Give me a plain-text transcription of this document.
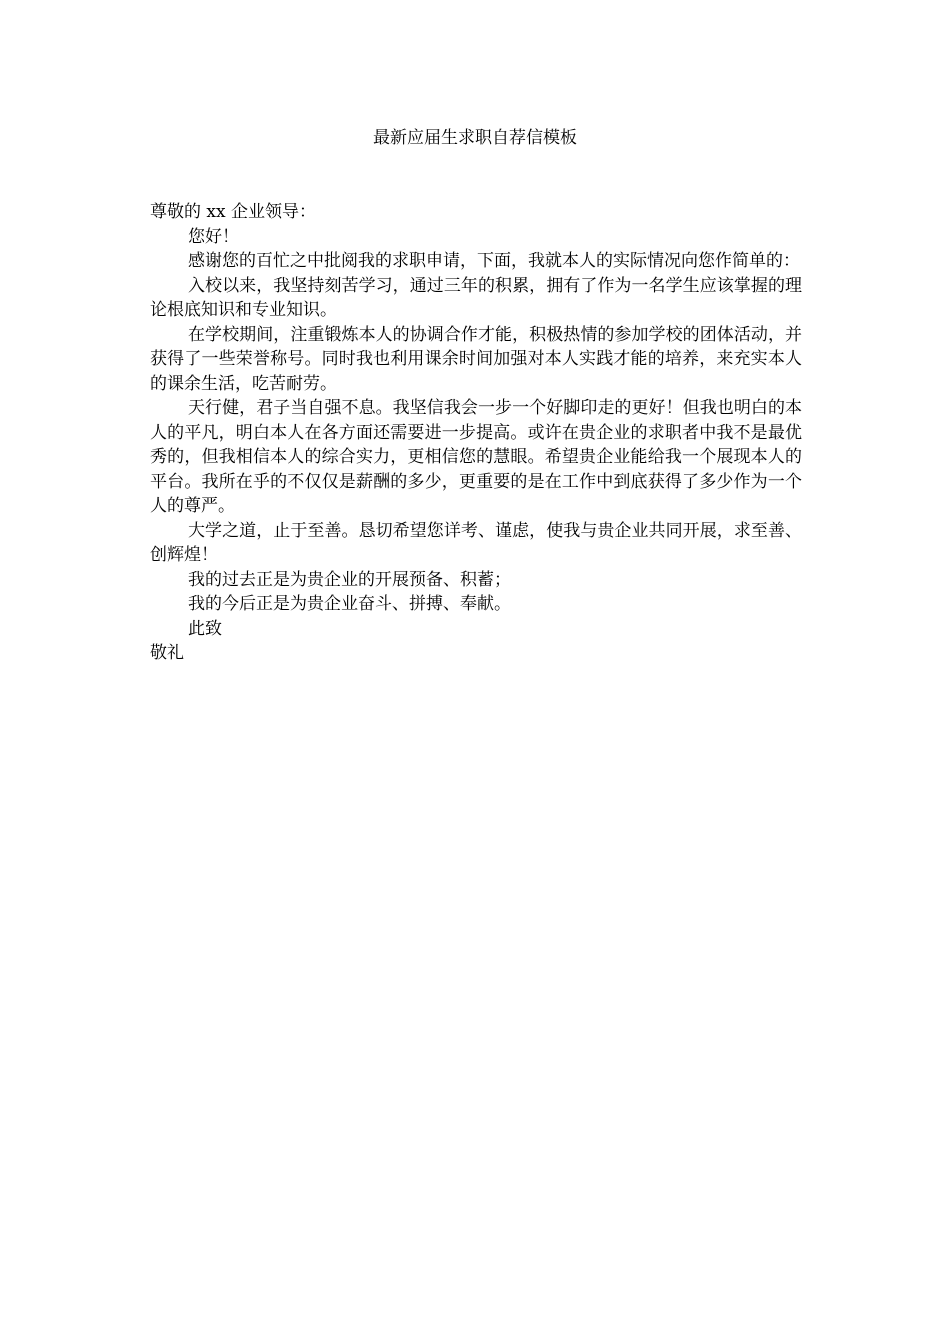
最新应届生求职自荐信模板

尊敬的 xx 企业领导：

您好！

感谢您的百忙之中批阅我的求职申请，下面，我就本人的实际情况向您作简单的：

入校以来，我坚持刻苦学习，通过三年的积累，拥有了作为一名学生应该掌握的理论根底知识和专业知识。

在学校期间，注重锻炼本人的协调合作才能，积极热情的参加学校的团体活动，并获得了一些荣誉称号。同时我也利用课余时间加强对本人实践才能的培养，来充实本人的课余生活，吃苦耐劳。

天行健，君子当自强不息。我坚信我会一步一个好脚印走的更好！但我也明白的本人的平凡，明白本人在各方面还需要进一步提高。或许在贵企业的求职者中我不是最优秀的，但我相信本人的综合实力，更相信您的慧眼。希望贵企业能给我一个展现本人的平台。我所在乎的不仅仅是薪酬的多少，更重要的是在工作中到底获得了多少作为一个人的尊严。

大学之道，止于至善。恳切希望您详考、谨虑，使我与贵企业共同开展，求至善、创辉煌！

我的过去正是为贵企业的开展预备、积蓄；

我的今后正是为贵企业奋斗、拼搏、奉献。

此致

敬礼
